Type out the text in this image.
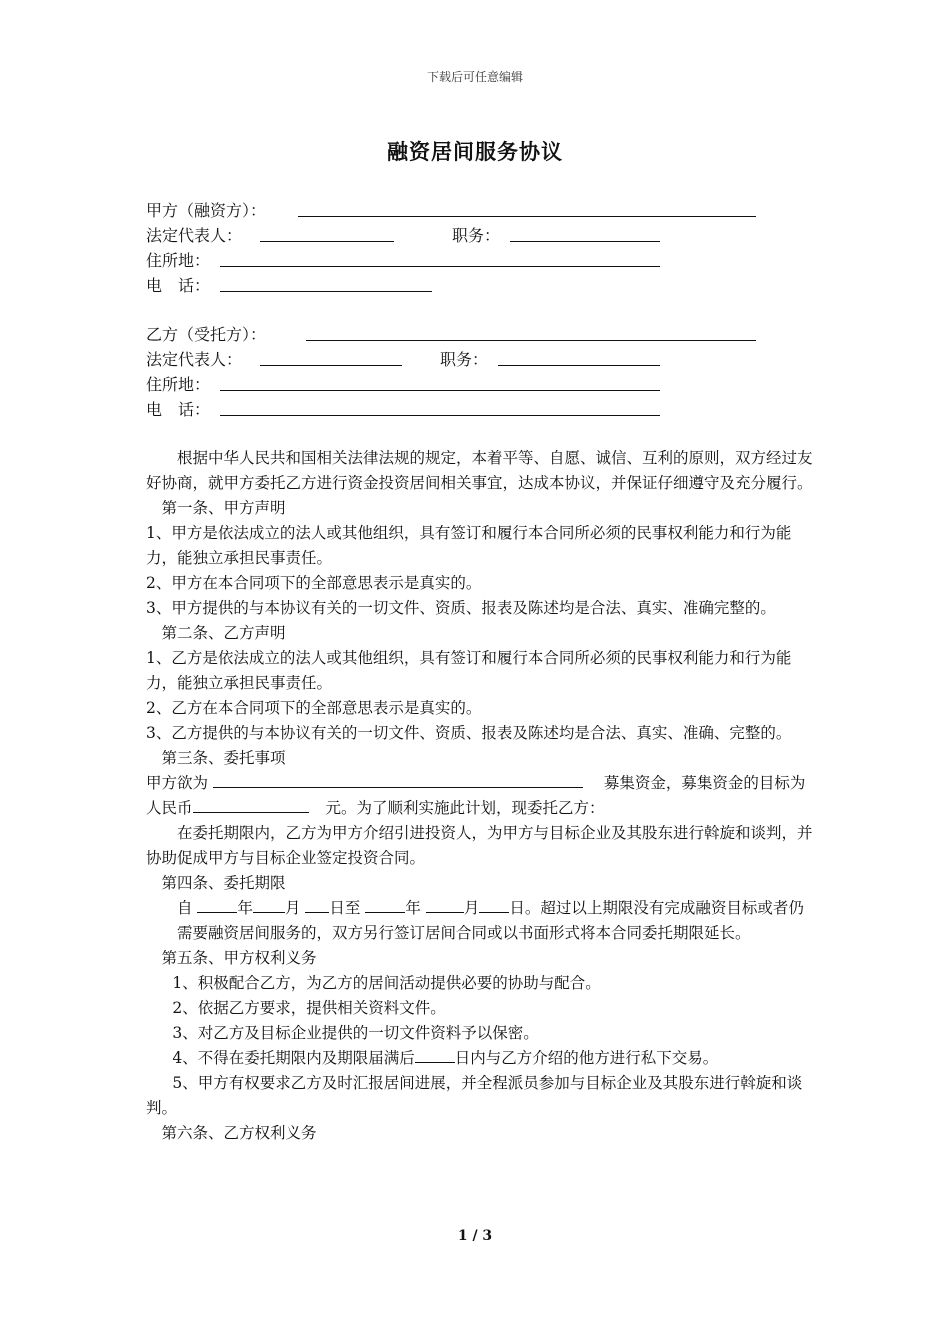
下载后可任意编辑
融资居间服务协议
甲方（融资方）：
法定代表人：	职务：
住所地：
电　话：
乙方（受托方）：
法定代表人：	职务：
住所地：
电　话：

根据中华人民共和国相关法律法规的规定，本着平等、自愿、诚信、互利的原则，双方经过友好协商，就甲方委托乙方进行资金投资居间相关事宜，达成本协议，并保证仔细遵守及充分履行。

第一条、甲方声明

1、甲方是依法成立的法人或其他组织，具有签订和履行本合同所必须的民事权利能力和行为能力，能独立承担民事责任。

2、甲方在本合同项下的全部意思表示是真实的。

3、甲方提供的与本协议有关的一切文件、资质、报表及陈述均是合法、真实、准确完整的。

第二条、乙方声明

1、乙方是依法成立的法人或其他组织，具有签订和履行本合同所必须的民事权利能力和行为能力，能独立承担民事责任。

2、乙方在本合同项下的全部意思表示是真实的。

3、乙方提供的与本协议有关的一切文件、资质、报表及陈述均是合法、真实、准确、完整的。

第三条、委托事项

甲方欲为	募集资金，募集资金的目标为人民币	元。为了顺利实施此计划，现委托乙方：

在委托期限内，乙方为甲方介绍引进投资人，为甲方与目标企业及其股东进行斡旋和谈判，并协助促成甲方与目标企业签定投资合同。

第四条、委托期限

自	年 月 日至	年	月 日。超过以上期限没有完成融资目标或者仍需要融资居间服务的，双方另行签订居间合同或以书面形式将本合同委托期限延长。

第五条、甲方权利义务

1、积极配合乙方，为乙方的居间活动提供必要的协助与配合。

2、依据乙方要求，提供相关资料文件。

3、对乙方及目标企业提供的一切文件资料予以保密。

4、不得在委托期限内及期限届满后	日内与乙方介绍的他方进行私下交易。

5、甲方有权要求乙方及时汇报居间进展，并全程派员参加与目标企业及其股东进行斡旋和谈判。

第六条、乙方权利义务

1 / 3
